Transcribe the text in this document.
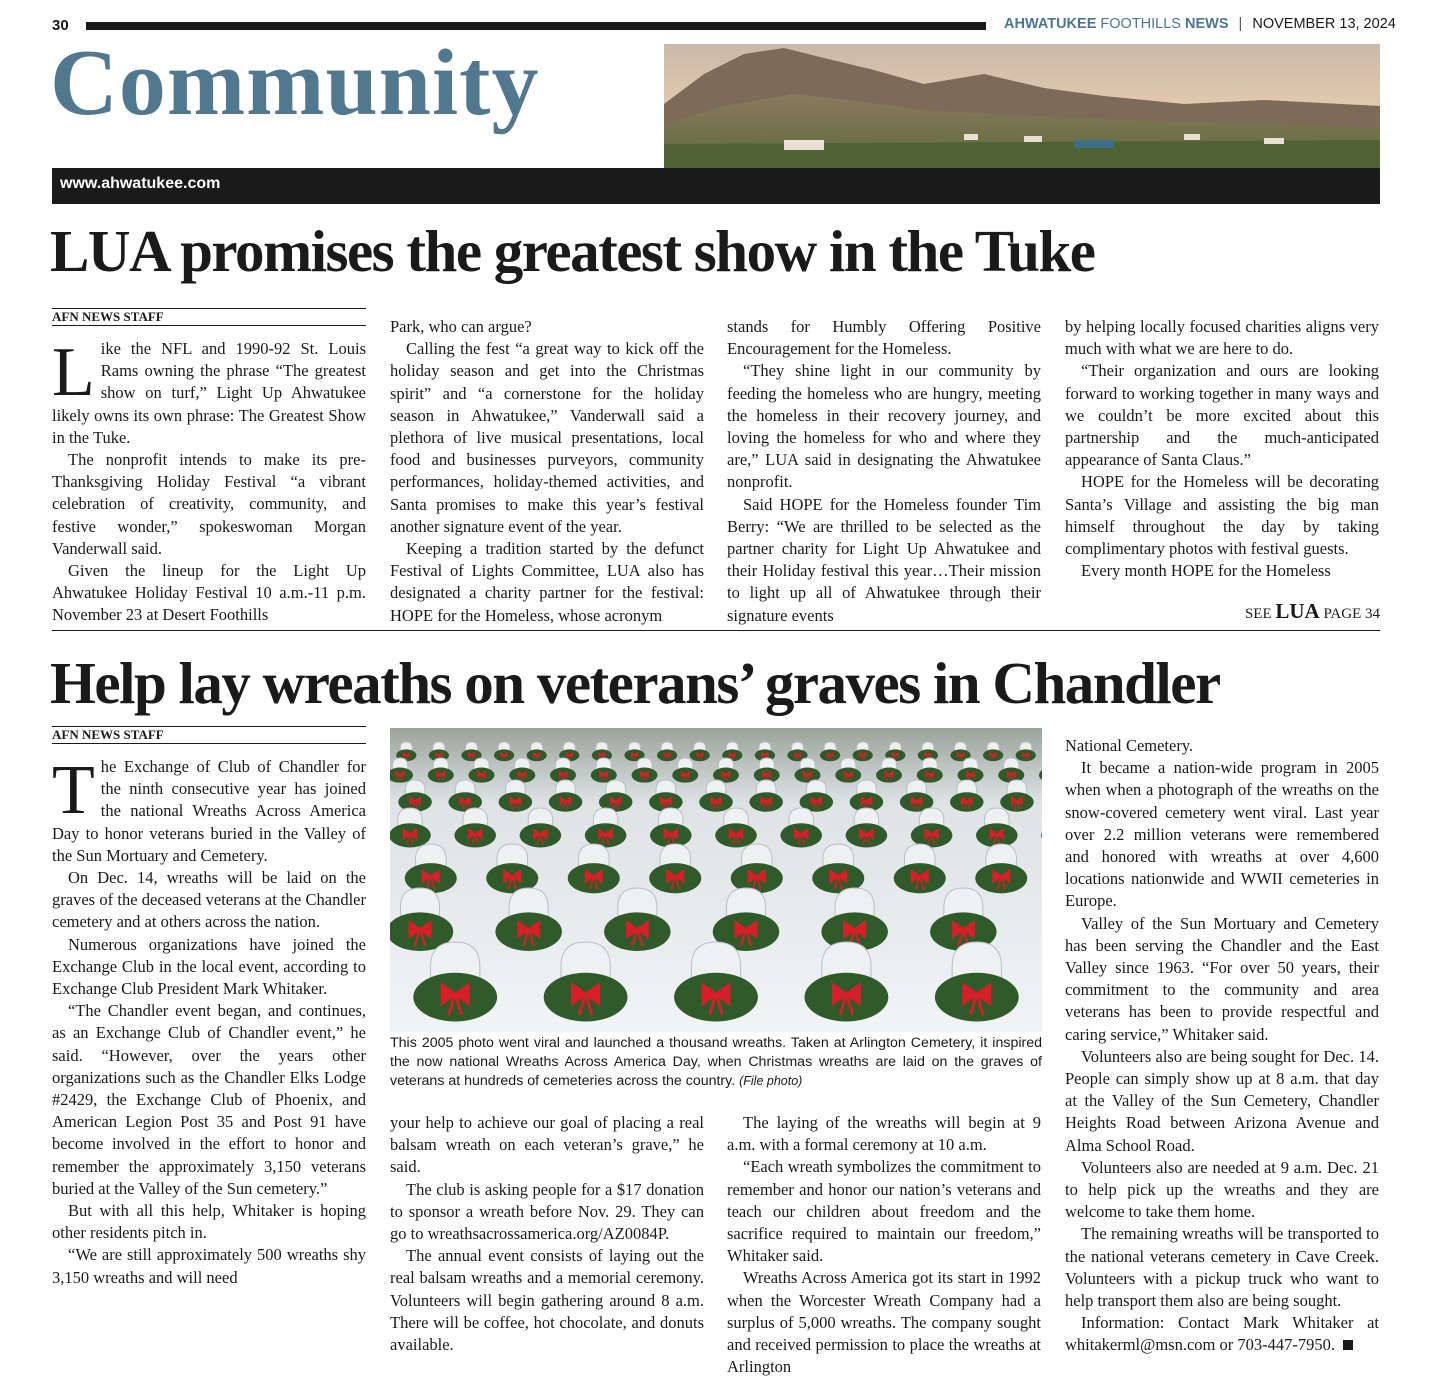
30	AHWATUKEE FOOTHILLS NEWS | NOVEMBER 13, 2024
Community
www.ahwatukee.com
LUA promises the greatest show in the Tuke
AFN NEWS STAFF

Like the NFL and 1990-92 St. Louis Rams owning the phrase “The greatest show on turf,” Light Up Ahwatukee likely owns its own phrase: The Greatest Show in the Tuke.

The nonprofit intends to make its pre-Thanksgiving Holiday Festival “a vibrant celebration of creativity, community, and festive wonder,” spokeswoman Morgan Vanderwall said.

Given the lineup for the Light Up Ahwatukee Holiday Festival 10 a.m.-11 p.m. November 23 at Desert Foothills

Park, who can argue?

Calling the fest “a great way to kick off the holiday season and get into the Christmas spirit” and “a cornerstone for the holiday season in Ahwatukee,” Vanderwall said a plethora of live musical presentations, local food and businesses purveyors, community performances, holiday-themed activities, and Santa promises to make this year’s festival another signature event of the year.

Keeping a tradition started by the defunct Festival of Lights Committee, LUA also has designated a charity partner for the festival: HOPE for the Homeless, whose acronym

stands for Humbly Offering Positive Encouragement for the Homeless.

“They shine light in our community by feeding the homeless who are hungry, meeting the homeless in their recovery journey, and loving the homeless for who and where they are,” LUA said in designating the Ahwatukee nonprofit.

Said HOPE for the Homeless founder Tim Berry: “We are thrilled to be selected as the partner charity for Light Up Ahwatukee and their Holiday festival this year…Their mission to light up all of Ahwatukee through their signature events

by helping locally focused charities aligns very much with what we are here to do.

“Their organization and ours are looking forward to working together in many ways and we couldn’t be more excited about this partnership and the much-anticipated appearance of Santa Claus.”

HOPE for the Homeless will be decorating Santa’s Village and assisting the big man himself throughout the day by taking complimentary photos with festival guests.

Every month HOPE for the Homeless

SEE LUA PAGE 34
Help lay wreaths on veterans’ graves in Chandler
AFN NEWS STAFF

The Exchange of Club of Chandler for the ninth consecutive year has joined the national Wreaths Across America Day to honor veterans buried in the Valley of the Sun Mortuary and Cemetery.

On Dec. 14, wreaths will be laid on the graves of the deceased veterans at the Chandler cemetery and at others across the nation.

Numerous organizations have joined the Exchange Club in the local event, according to Exchange Club President Mark Whitaker.

“The Chandler event began, and continues, as an Exchange Club of Chandler event,” he said. “However, over the years other organizations such as the Chandler Elks Lodge #2429, the Exchange Club of Phoenix, and American Legion Post 35 and Post 91 have become involved in the effort to honor and remember the approximately 3,150 veterans buried at the Valley of the Sun cemetery.”

But with all this help, Whitaker is hoping other residents pitch in.

“We are still approximately 500 wreaths shy 3,150 wreaths and will need

This 2005 photo went viral and launched a thousand wreaths. Taken at Arlington Cemetery, it inspired the now national Wreaths Across America Day, when Christmas wreaths are laid on the graves of veterans at hundreds of cemeteries across the country. (File photo)

your help to achieve our goal of placing a real balsam wreath on each veteran’s grave,” he said.

The club is asking people for a $17 donation to sponsor a wreath before Nov. 29. They can go to wreathsacrossamerica.org/AZ0084P.

The annual event consists of laying out the real balsam wreaths and a memorial ceremony. Volunteers will begin gathering around 8 a.m. There will be coffee, hot chocolate, and donuts available.

The laying of the wreaths will begin at 9 a.m. with a formal ceremony at 10 a.m.

“Each wreath symbolizes the commitment to remember and honor our nation’s veterans and teach our children about freedom and the sacrifice required to maintain our freedom,” Whitaker said.

Wreaths Across America got its start in 1992 when the Worcester Wreath Company had a surplus of 5,000 wreaths. The company sought and received permission to place the wreaths at Arlington

National Cemetery.

It became a nation-wide program in 2005 when when a photograph of the wreaths on the snow-covered cemetery went viral. Last year over 2.2 million veterans were remembered and honored with wreaths at over 4,600 locations nationwide and WWII cemeteries in Europe.

Valley of the Sun Mortuary and Cemetery has been serving the Chandler and the East Valley since 1963. “For over 50 years, their commitment to the community and area veterans has been to provide respectful and caring service,” Whitaker said.

Volunteers also are being sought for Dec. 14. People can simply show up at 8 a.m. that day at the Valley of the Sun Cemetery, Chandler Heights Road between Arizona Avenue and Alma School Road.

Volunteers also are needed at 9 a.m. Dec. 21 to help pick up the wreaths and they are welcome to take them home.

The remaining wreaths will be transported to the national veterans cemetery in Cave Creek. Volunteers with a pickup truck who want to help transport them also are being sought.

Information: Contact Mark Whitaker at whitakerml@msn.com or 703-447-7950.
